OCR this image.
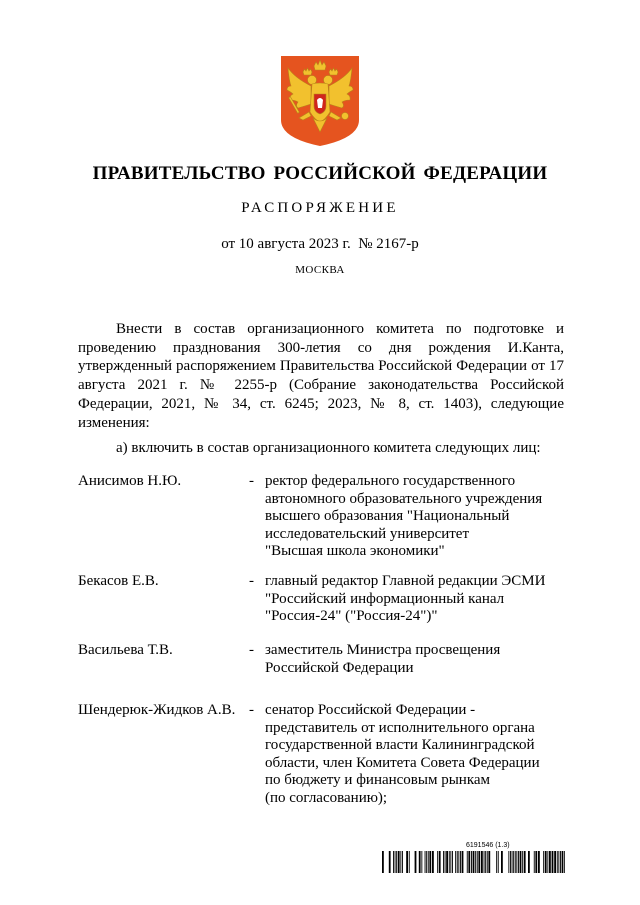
ПРАВИТЕЛЬСТВО РОССИЙСКОЙ ФЕДЕРАЦИИ
РАСПОРЯЖЕНИЕ
от 10 августа 2023 г. № 2167-р
МОСКВА

Внести в состав организационного комитета по подготовке и проведению празднования 300-летия со дня рождения И.Канта, утвержденный распоряжением Правительства Российской Федерации от 17 августа 2021 г. № 2255-р (Собрание законодательства Российской Федерации, 2021, № 34, ст. 6245; 2023, № 8, ст. 1403), следующие изменения:

а) включить в состав организационного комитета следующих лиц:
Анисимов Н.Ю.	- ректор федерального государственного
автономного образовательного учреждения
высшего образования "Национальный
исследовательский университет
"Высшая школа экономики"
Бекасов Е.В.	- главный редактор Главной редакции ЭСМИ
"Российский информационный канал
"Россия-24" ("Россия-24")"
Васильева Т.В.	- заместитель Министра просвещения
Российской Федерации
Шендерюк-Жидков А.В. - сенатор Российской Федерации -
представитель от исполнительного органа
государственной власти Калининградской
области, член Комитета Совета Федерации
по бюджету и финансовым рынкам
(по согласованию);
6191546 (1.3)
